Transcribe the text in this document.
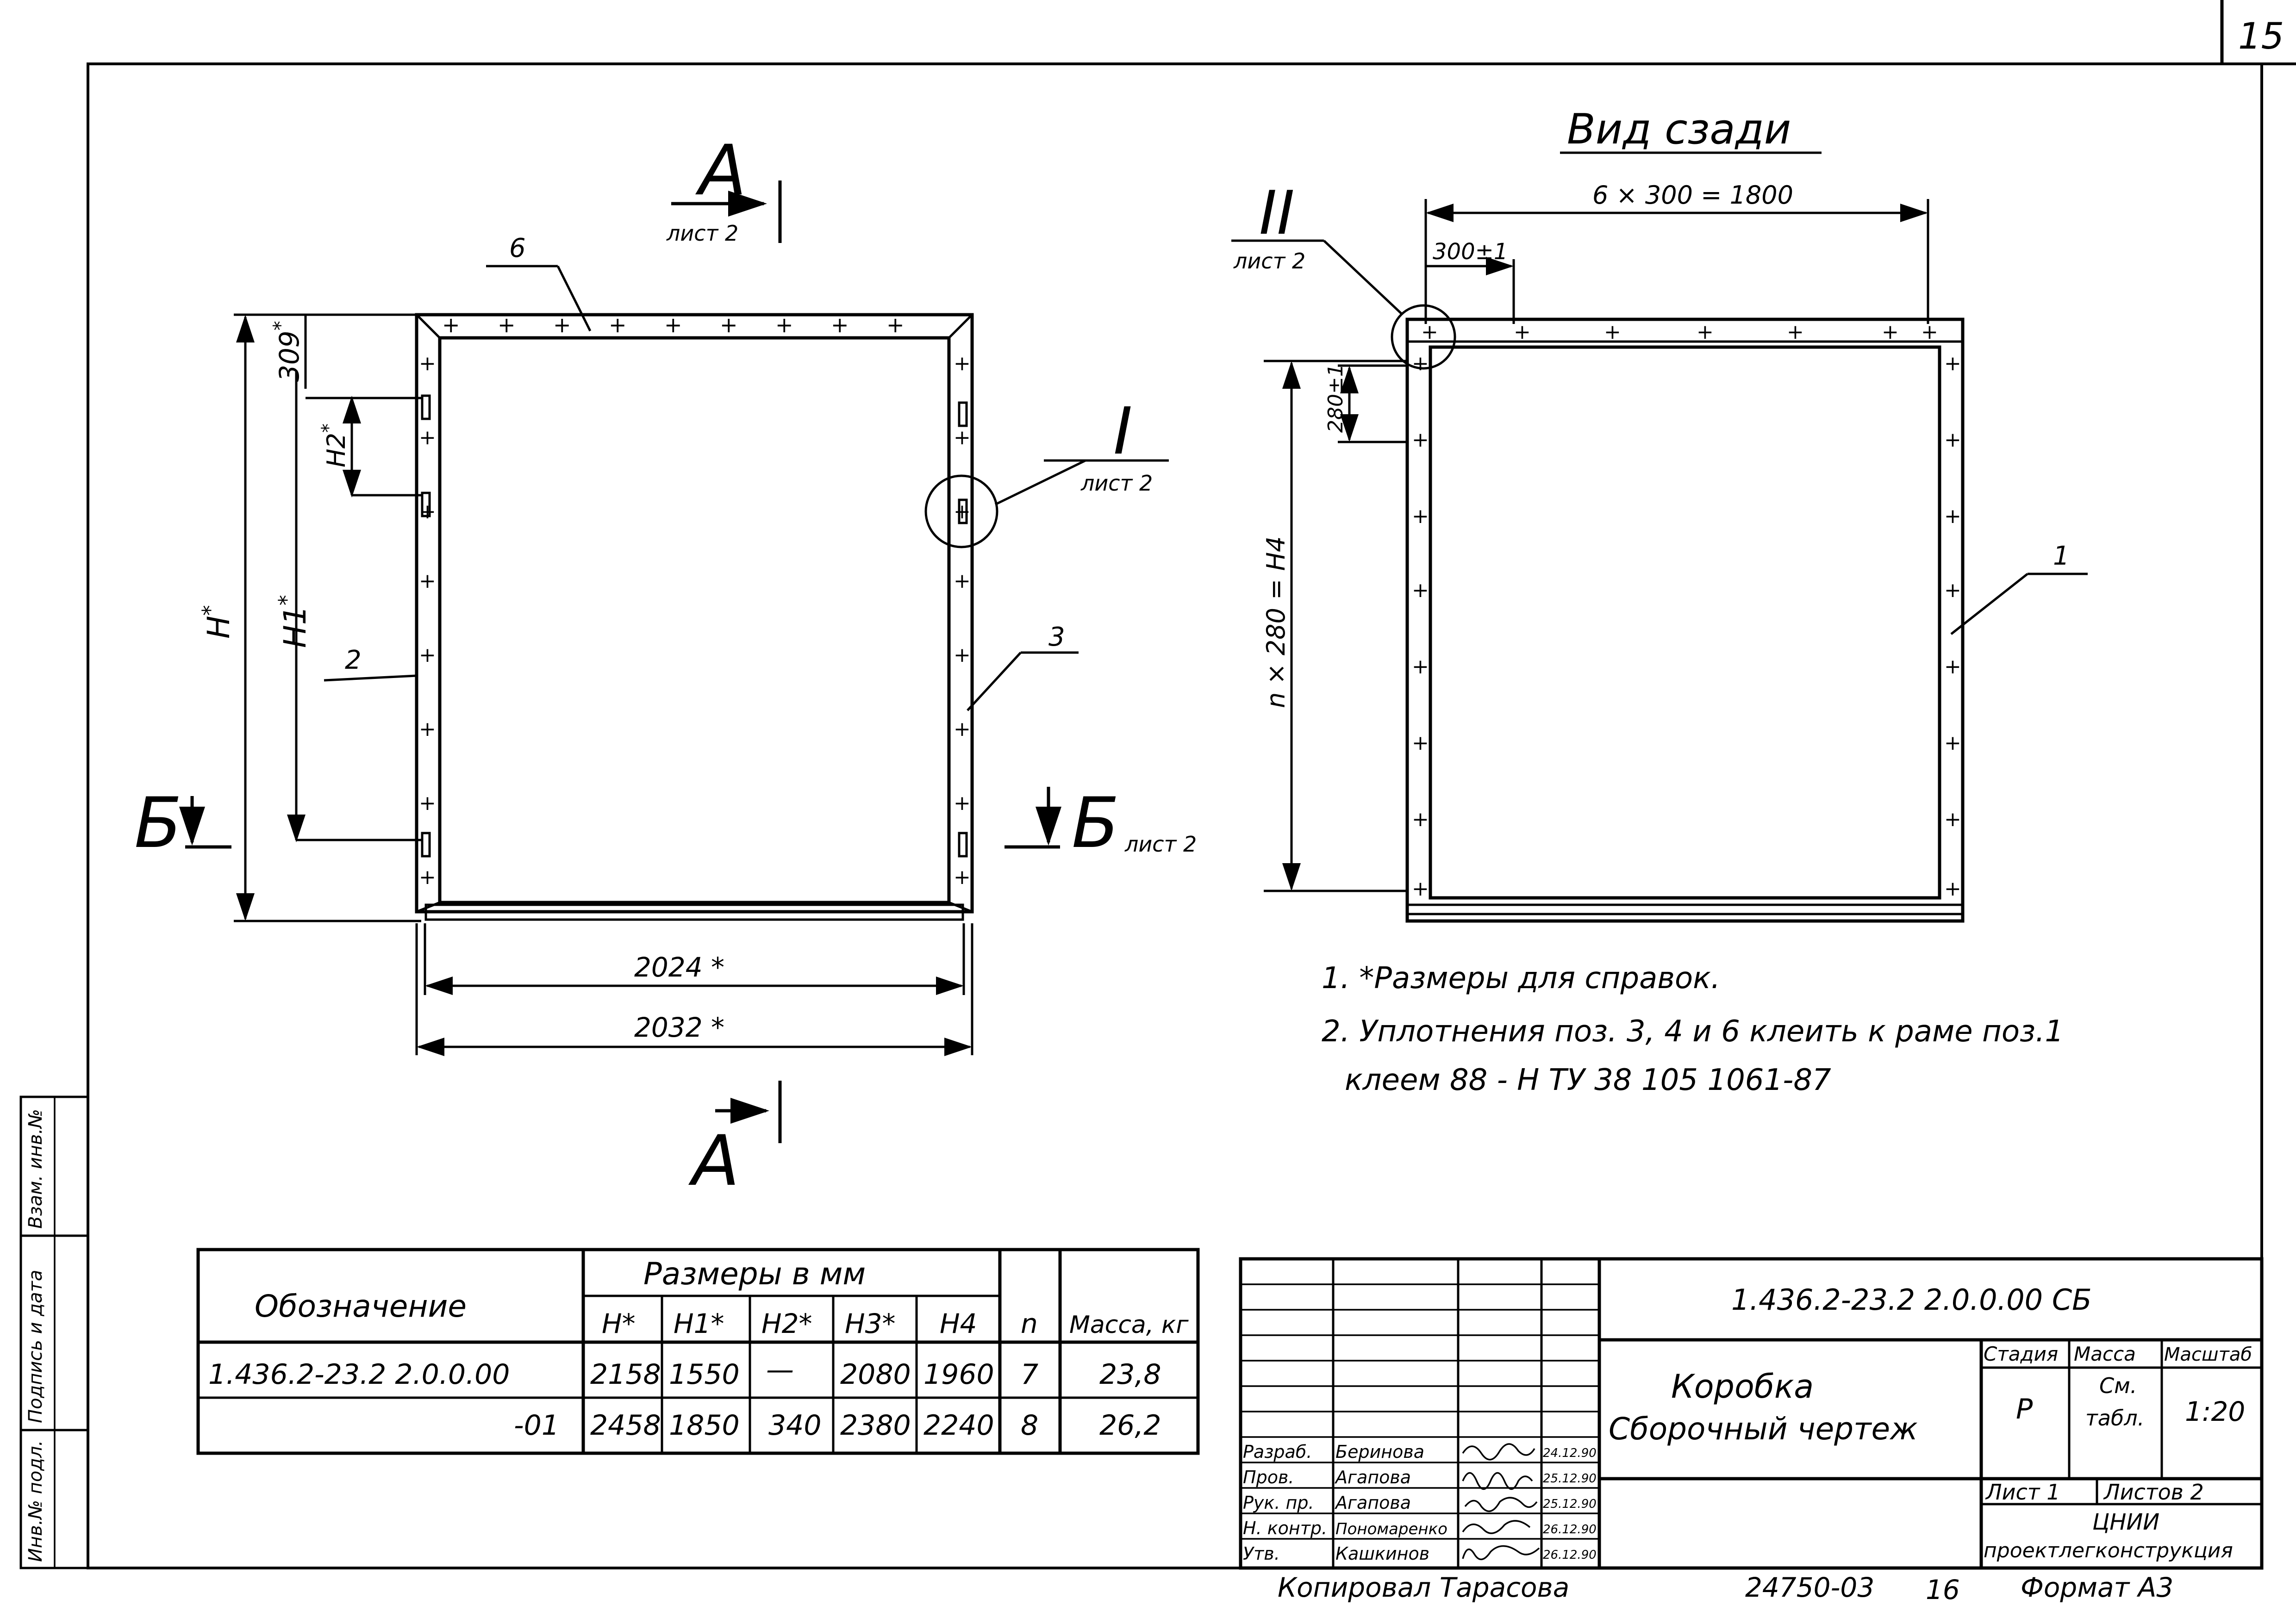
15
Инв.№ подл.
Подпись и дата
Взам. инв.№
+ + + + + + + + +
+
+
+
+
+
+
+
+
+
+
+
+
+
+
+
+
I
лист 2
6
2
3
А
лист 2
А
Б	Б лист 2
H*	H1*
309*
H2*
2024 *
2032 *
Вид сзади
+	+	+	+	+	+ +
+
+
+
+
+
+
+
+
+
+
+
+
+
+
+
+
II
лист 2
6 × 300 = 1800
300±1
280±1
n × 280 = H4	1
1. *Размеры для справок.
2. Уплотнения поз. 3, 4 и 6 клеить к раме поз.1
клеем 88 - Н ТУ 38 105 1061-87
Обозначение
Размеры в мм
H* H1* H2* H3* H4 n Масса, кг
1.436.2-23.2 2.0.0.00	2158 1550 — 2080 1960 7 23,8
-01 2458 1850 340 2380 2240 8 26,2
Разраб. Беринова	24.12.90
Пров. Агапова	25.12.90
Рук. пр. Агапова	25.12.90
Н. контр. Пономаренко	26.12.90
Утв.	Кашкинов	26.12.90
1.436.2-23.2 2.0.0.00 СБ
Коробка
Сборочный чертеж
Стадия Масса Масштаб
Р
См.
табл. 1:20
Лист 1 Листов 2
ЦНИИ
проектлегконструкция
Копировал Тарасова	24750-03 16 Формат А3
